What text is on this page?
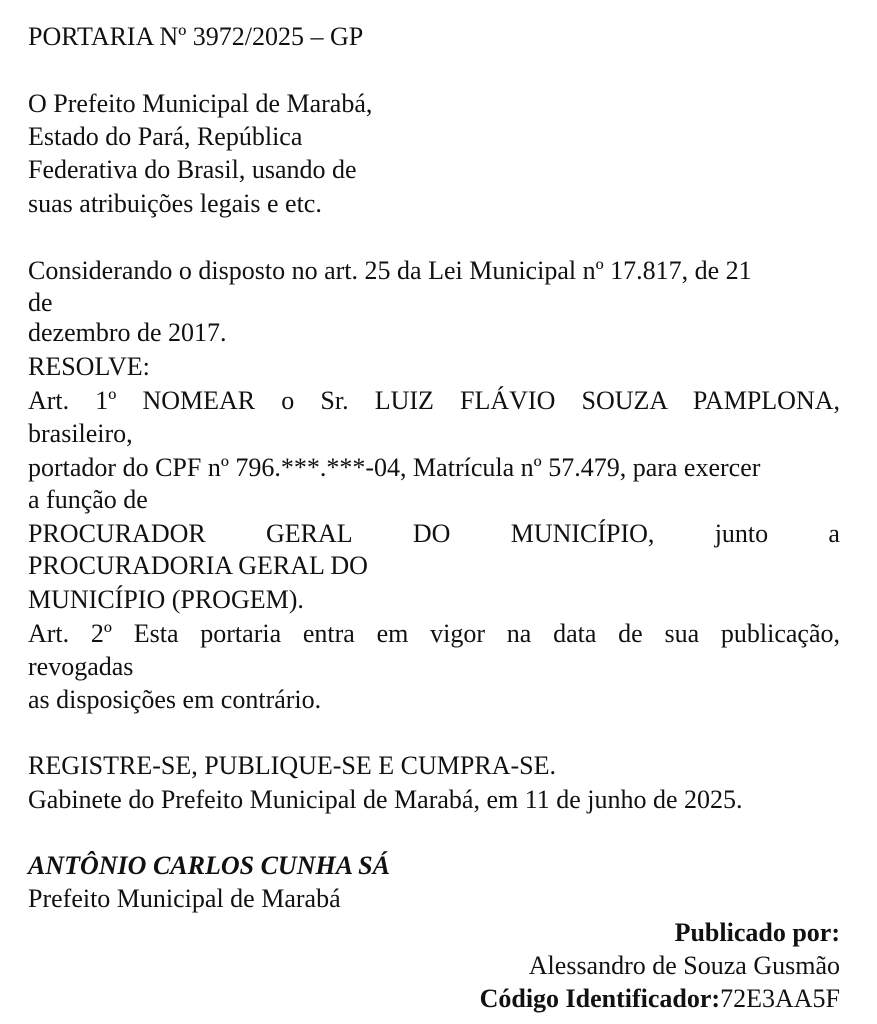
PORTARIA Nº 3972/2025 – GP

O Prefeito Municipal de Marabá,

Estado do Pará, República

Federativa do Brasil, usando de

suas atribuições legais e etc.

Considerando o disposto no art. 25 da Lei Municipal nº 17.817, de 21

de

dezembro de 2017.

RESOLVE:

Art. 1º NOMEAR o Sr. LUIZ FLÁVIO SOUZA PAMPLONA,

brasileiro,

portador do CPF nº 796.***.***-04, Matrícula nº 57.479, para exercer

a função de

PROCURADOR GERAL DO MUNICÍPIO, junto a

PROCURADORIA GERAL DO

MUNICÍPIO (PROGEM).

Art. 2º Esta portaria entra em vigor na data de sua publicação,

revogadas

as disposições em contrário.

REGISTRE-SE, PUBLIQUE-SE E CUMPRA-SE.

Gabinete do Prefeito Municipal de Marabá, em 11 de junho de 2025.

ANTÔNIO CARLOS CUNHA SÁ

Prefeito Municipal de Marabá

Publicado por:

Alessandro de Souza Gusmão

Código Identificador:72E3AA5F
